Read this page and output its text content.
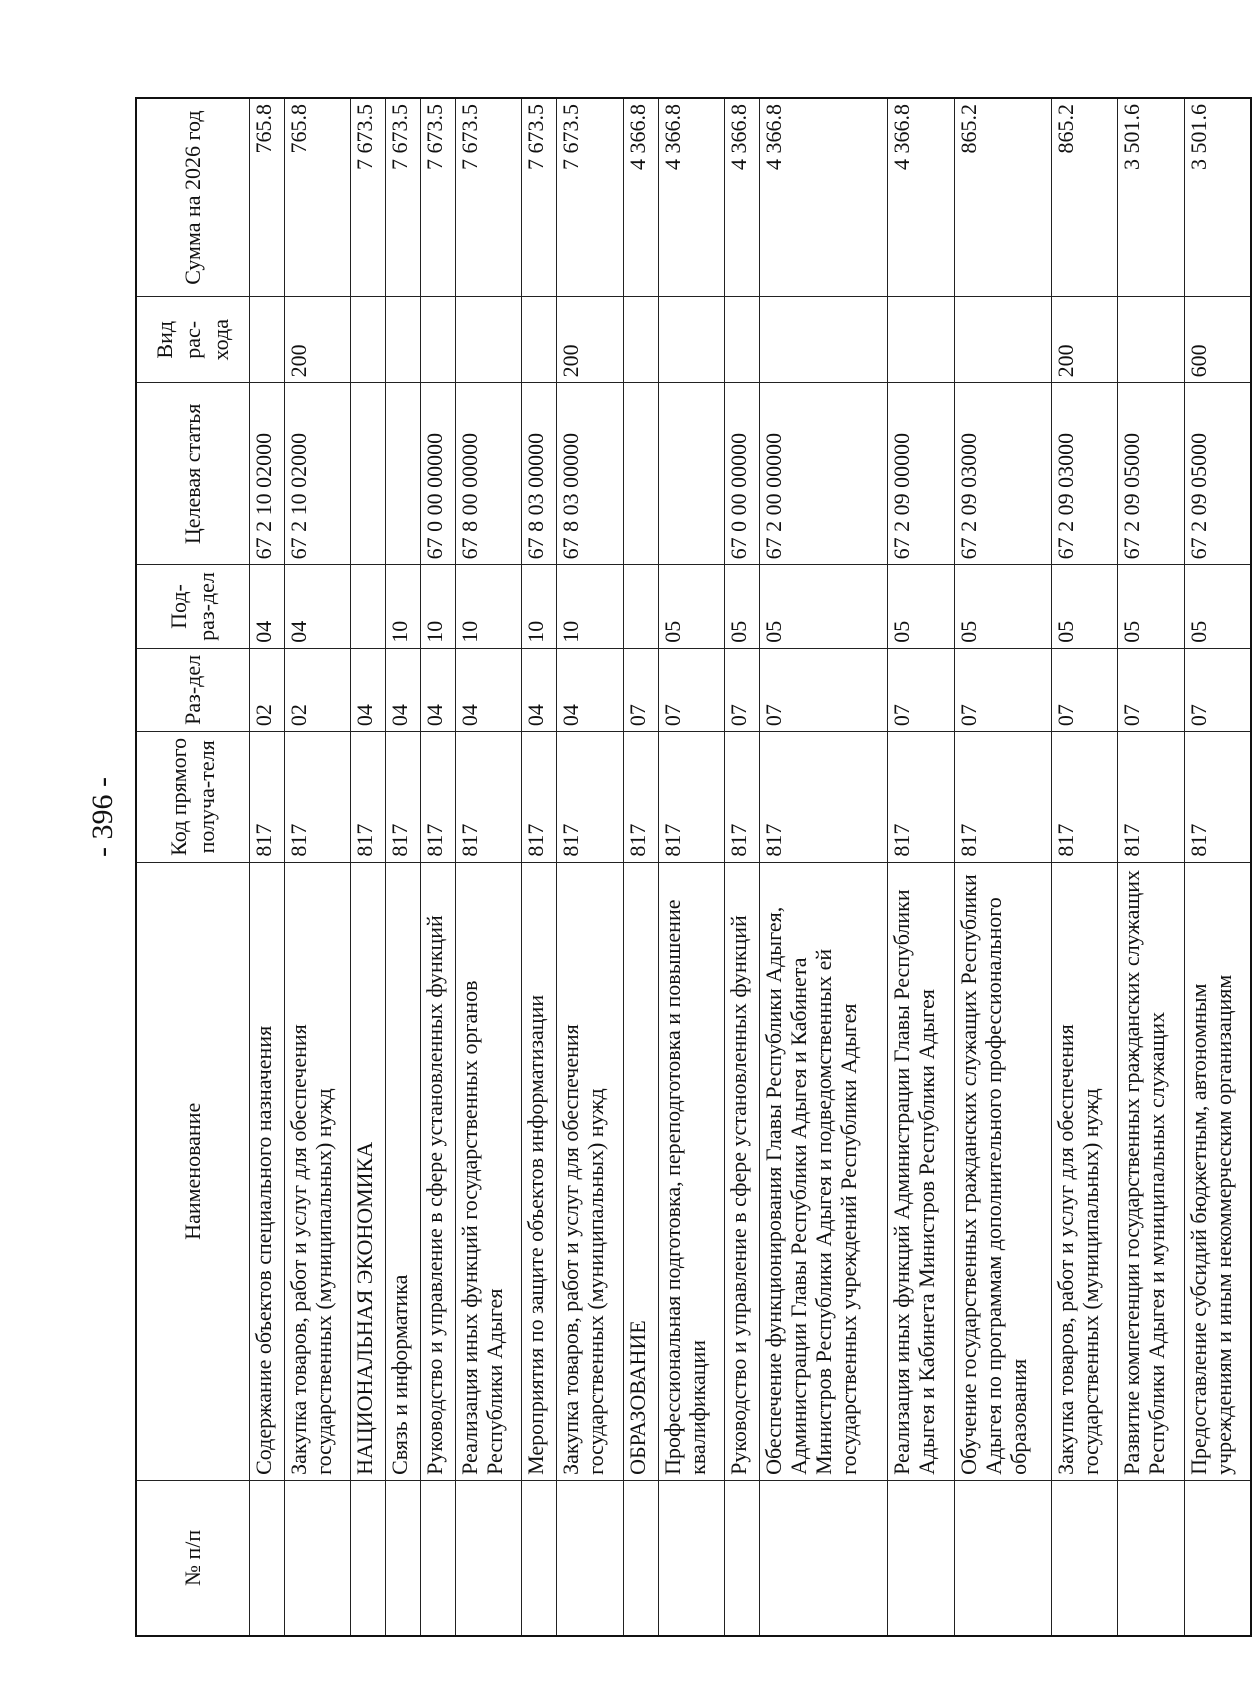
- 396 -
№ п/п	Наименование	Код прямого получа-теля	Раз-дел	Под-раз-дел	Целевая статья	Вид рас-хода	Сумма на 2026 год
	Содержание объектов специального назначения	817	02	04	67 2 10 02000		765.8
	Закупка товаров, работ и услуг для обеспечения государственных (муниципальных) нужд	817	02	04	67 2 10 02000	200	765.8
	НАЦИОНАЛЬНАЯ ЭКОНОМИКА	817	04				7 673.5
	Связь и информатика	817	04	10			7 673.5
	Руководство и управление в сфере установленных функций	817	04	10	67 0 00 00000		7 673.5
	Реализация иных функций государственных органов Республики Адыгея	817	04	10	67 8 00 00000		7 673.5
	Мероприятия по защите объектов информатизации	817	04	10	67 8 03 00000		7 673.5
	Закупка товаров, работ и услуг для обеспечения государственных (муниципальных) нужд	817	04	10	67 8 03 00000	200	7 673.5
	ОБРАЗОВАНИЕ	817	07				4 366.8
	Профессиональная подготовка, переподготовка и повышение квалификации	817	07	05			4 366.8
	Руководство и управление в сфере установленных функций	817	07	05	67 0 00 00000		4 366.8
	Обеспечение функционирования Главы Республики Адыгея, Администрации Главы Республики Адыгея и Кабинета Министров Республики Адыгея и подведомственных ей государственных учреждений Республики Адыгея	817	07	05	67 2 00 00000		4 366.8
	Реализация иных функций Администрации Главы Республики Адыгея и Кабинета Министров Республики Адыгея	817	07	05	67 2 09 00000		4 366.8
	Обучение государственных гражданских служащих Республики Адыгея по программам дополнительного профессионального образования	817	07	05	67 2 09 03000		865.2
	Закупка товаров, работ и услуг для обеспечения государственных (муниципальных) нужд	817	07	05	67 2 09 03000	200	865.2
	Развитие компетенции государственных гражданских служащих Республики Адыгея и муниципальных служащих	817	07	05	67 2 09 05000		3 501.6
	Предоставление субсидий бюджетным, автономным учреждениям и иным некоммерческим организациям	817	07	05	67 2 09 05000	600	3 501.6
